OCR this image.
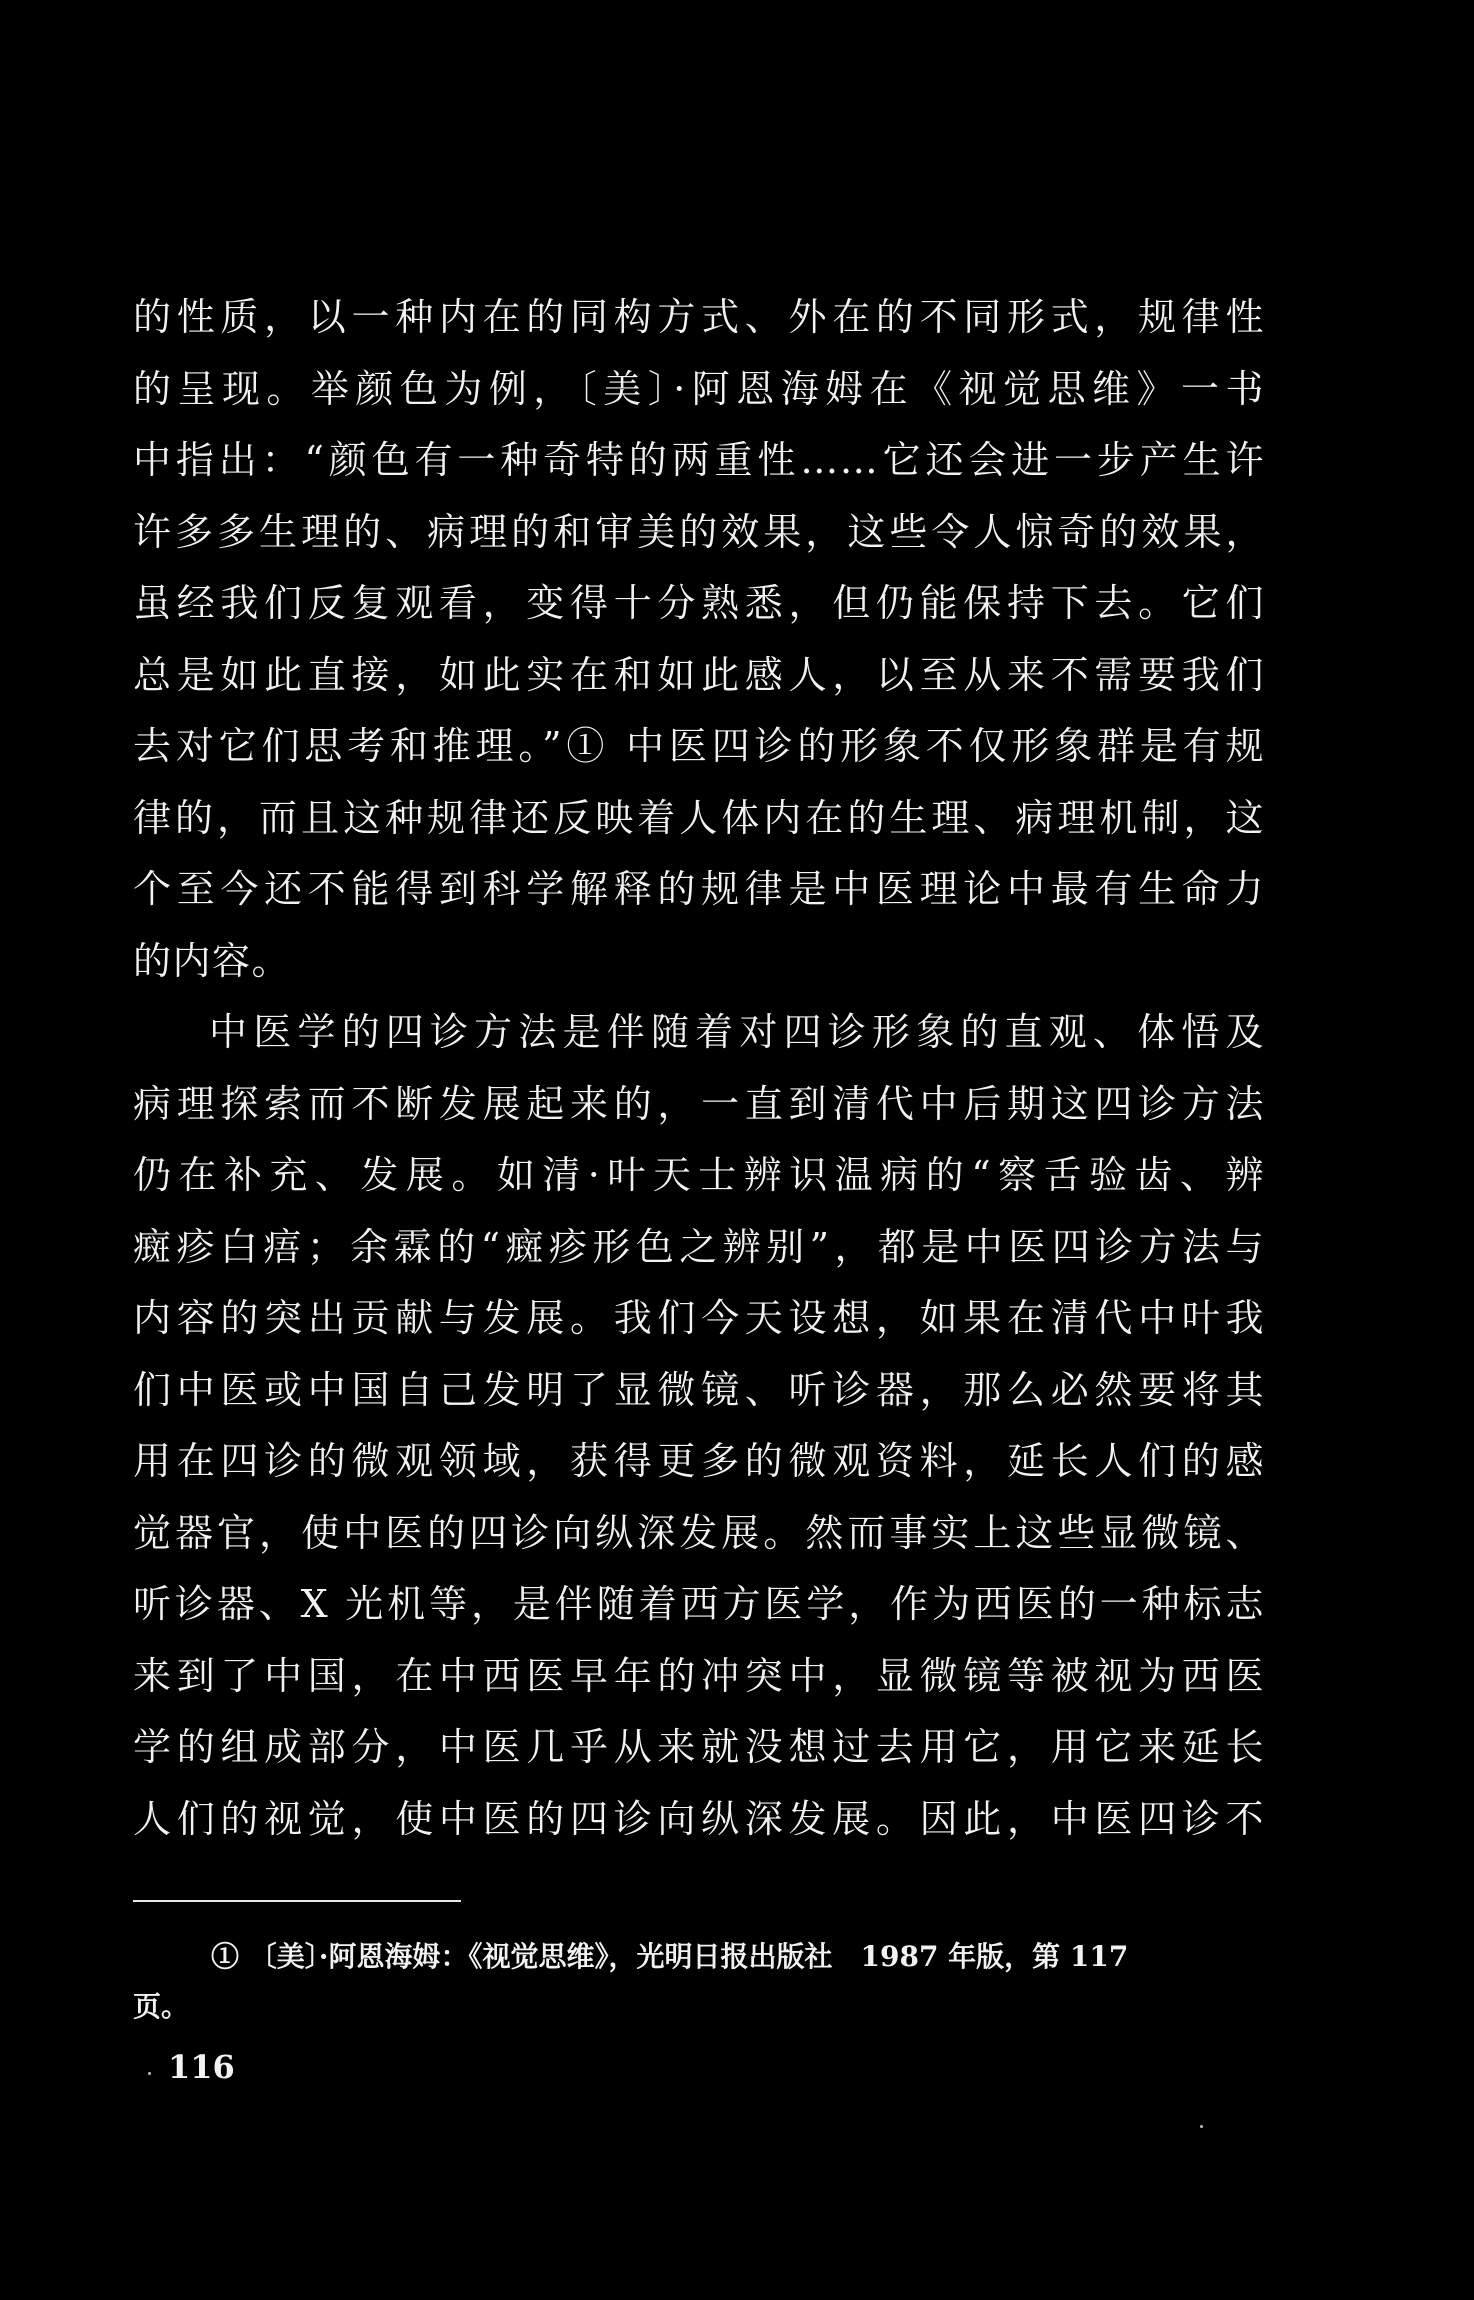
的性质，以一种内在的同构方式、外在的不同形式，规律性

的呈现。举颜色为例，〔美〕·阿恩海姆在《视觉思维》一书

中指出：“颜色有一种奇特的两重性……它还会进一步产生许

许多多生理的、病理的和审美的效果，这些令人惊奇的效果，

虽经我们反复观看，变得十分熟悉，但仍能保持下去。它们

总是如此直接，如此实在和如此感人，以至从来不需要我们

去对它们思考和推理。”① 中医四诊的形象不仅形象群是有规

律的，而且这种规律还反映着人体内在的生理、病理机制，这

个至今还不能得到科学解释的规律是中医理论中最有生命力

的内容。

中医学的四诊方法是伴随着对四诊形象的直观、体悟及

病理探索而不断发展起来的，一直到清代中后期这四诊方法

仍在补充、发展。如清·叶天士辨识温病的“察舌验齿、辨

癍疹白痦；余霖的“癍疹形色之辨别”，都是中医四诊方法与

内容的突出贡献与发展。我们今天设想，如果在清代中叶我

们中医或中国自己发明了显微镜、听诊器，那么必然要将其

用在四诊的微观领域，获得更多的微观资料，延长人们的感

觉器官，使中医的四诊向纵深发展。然而事实上这些显微镜、

听诊器、X 光机等，是伴随着西方医学，作为西医的一种标志

来到了中国，在中西医早年的冲突中，显微镜等被视为西医

学的组成部分，中医几乎从来就没想过去用它，用它来延长

人们的视觉，使中医的四诊向纵深发展。因此，中医四诊不

① 〔美〕·阿恩海姆：《视觉思维》，光明日报出版社　1987 年版，第 117
页。
116
